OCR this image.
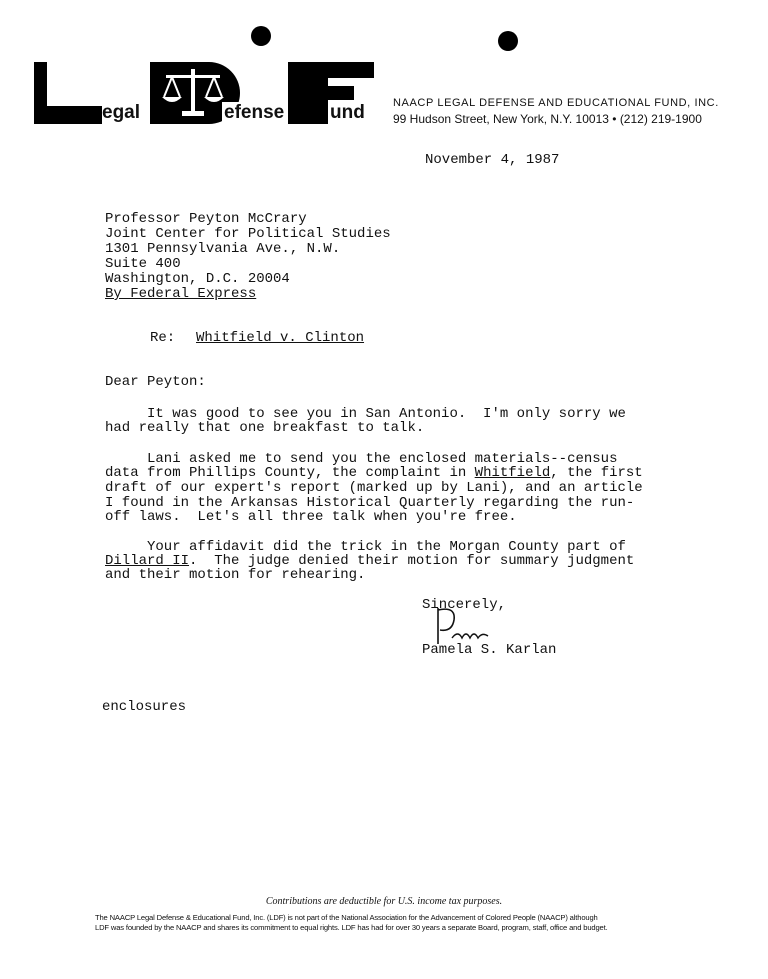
egal	efense und	NAACP LEGAL DEFENSE AND EDUCATIONAL FUND, INC.
99 Hudson Street, New York, N.Y. 10013 • (212) 219-1900
November 4, 1987
Professor Peyton McCrary
Joint Center for Political Studies
1301 Pennsylvania Ave., N.W.
Suite 400
Washington, D.C. 20004
By Federal Express
Re: Whitfield v. Clinton
Dear Peyton:
It was good to see you in San Antonio.  I'm only sorry we
had really that one breakfast to talk.
Lani asked me to send you the enclosed materials--census
data from Phillips County, the complaint in Whitfield, the first
draft of our expert's report (marked up by Lani), and an article
I found in the Arkansas Historical Quarterly regarding the run-
off laws.  Let's all three talk when you're free.
Your affidavit did the trick in the Morgan County part of
Dillard II.  The judge denied their motion for summary judgment
and their motion for rehearing.
Sincerely,
Pamela S. Karlan
enclosures
Contributions are deductible for U.S. income tax purposes.
The NAACP Legal Defense & Educational Fund, Inc. (LDF) is not part of the National Association for the Advancement of Colored People (NAACP) although
LDF was founded by the NAACP and shares its commitment to equal rights. LDF has had for over 30 years a separate Board, program, staff, office and budget.
